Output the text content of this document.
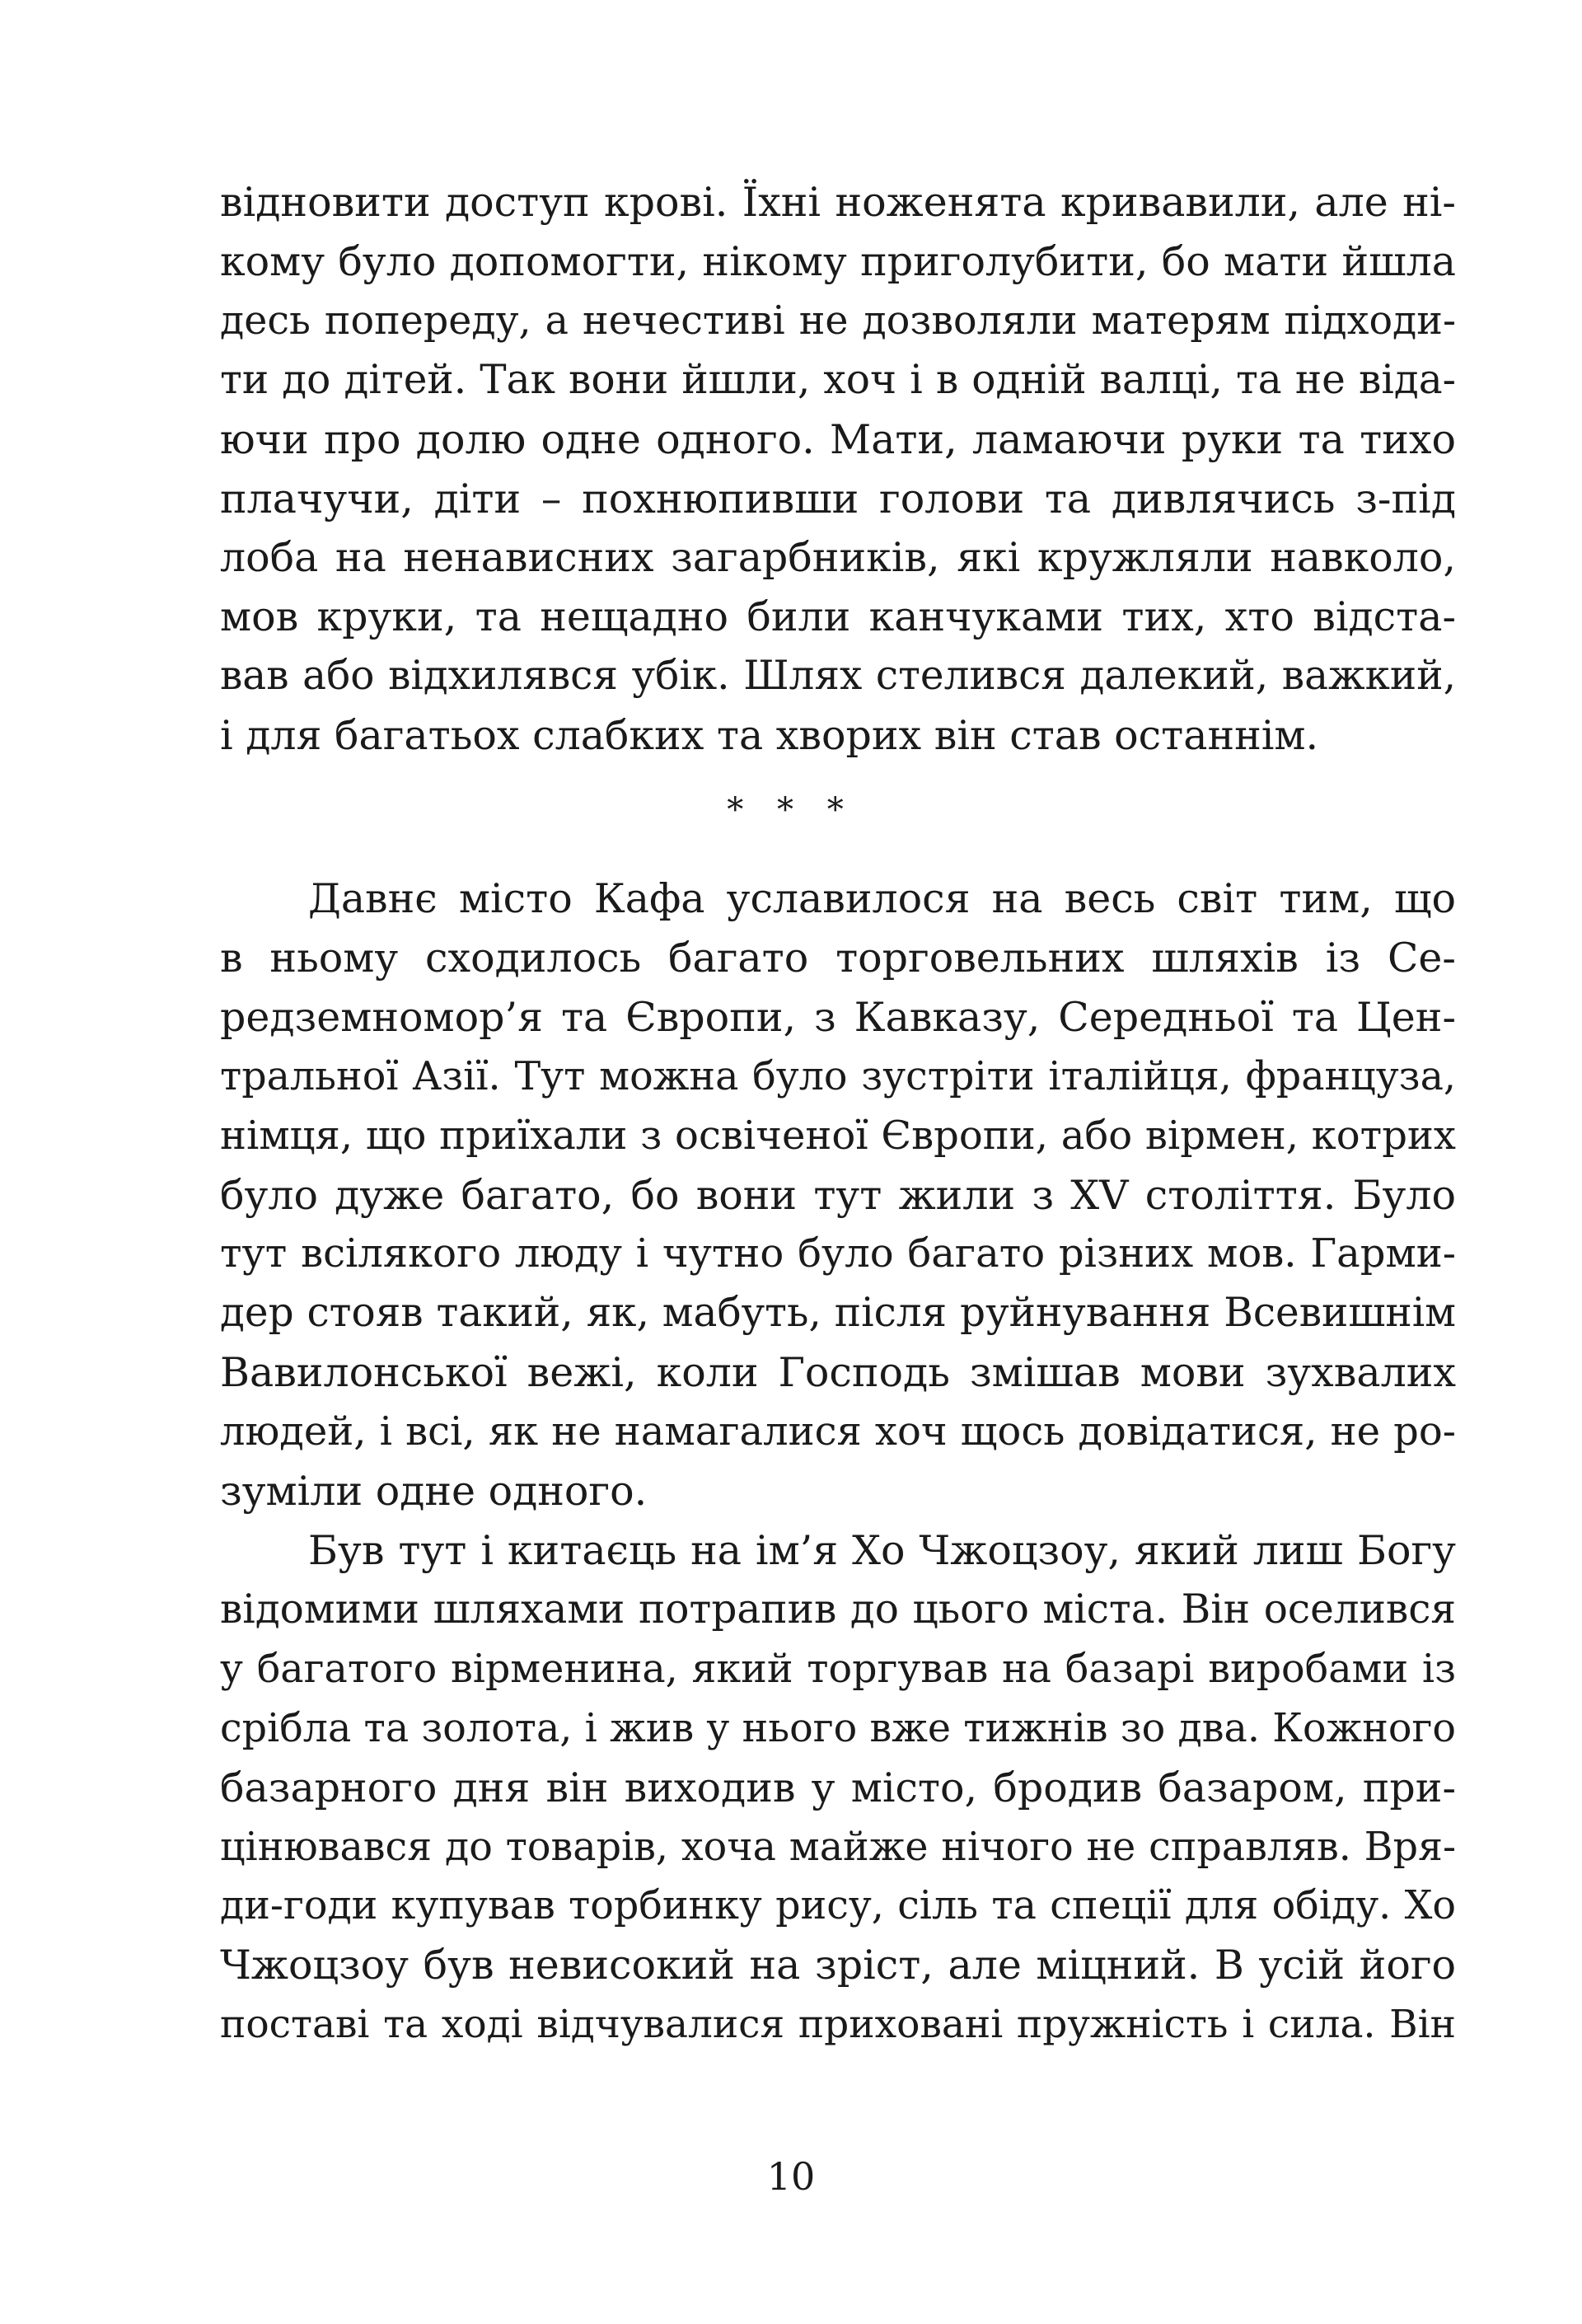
відновити доступ крові. Їхні ноженята кривавили, але ні-
кому було допомогти, нікому приголубити, бо мати йшла
десь попереду, а нечестиві не дозволяли матерям підходи-
ти до дітей. Так вони йшли, хоч і в одній валці, та не віда-
ючи про долю одне одного. Мати, ламаючи руки та тихо
плачучи, діти – похнюпивши голови та дивлячись з-під
лоба на ненависних загарбників, які кружляли навколо,
мов круки, та нещадно били канчуками тих, хто відста-
вав або відхилявся убік. Шлях стелився далекий, важкий,
і для багатьох слабких та хворих він став останнім.
* * *
Давнє місто Кафа уславилося на весь світ тим, що
в ньому сходилось багато торговельних шляхів із Се-
редземномор’я та Європи, з Кавказу, Середньої та Цен-
тральної Азії. Тут можна було зустріти італійця, француза,
німця, що приїхали з освіченої Європи, або вірмен, котрих
було дуже багато, бо вони тут жили з XV століття. Було
тут всілякого люду і чутно було багато різних мов. Гарми-
дер стояв такий, як, мабуть, після руйнування Всевишнім
Вавилонської вежі, коли Господь змішав мови зухвалих
людей, і всі, як не намагалися хоч щось довідатися, не ро-
зуміли одне одного.
Був тут і китаєць на ім’я Хо Чжоцзоу, який лиш Богу
відомими шляхами потрапив до цього міста. Він оселився
у багатого вірменина, який торгував на базарі виробами із
срібла та золота, і жив у нього вже тижнів зо два. Кожного
базарного дня він виходив у місто, бродив базаром, при-
цінювався до товарів, хоча майже нічого не справляв. Вря-
ди-годи купував торбинку рису, сіль та спеції для обіду. Хо
Чжоцзоу був невисокий на зріст, але міцний. В усій його
поставі та ході відчувалися приховані пружність і сила. Він
10
